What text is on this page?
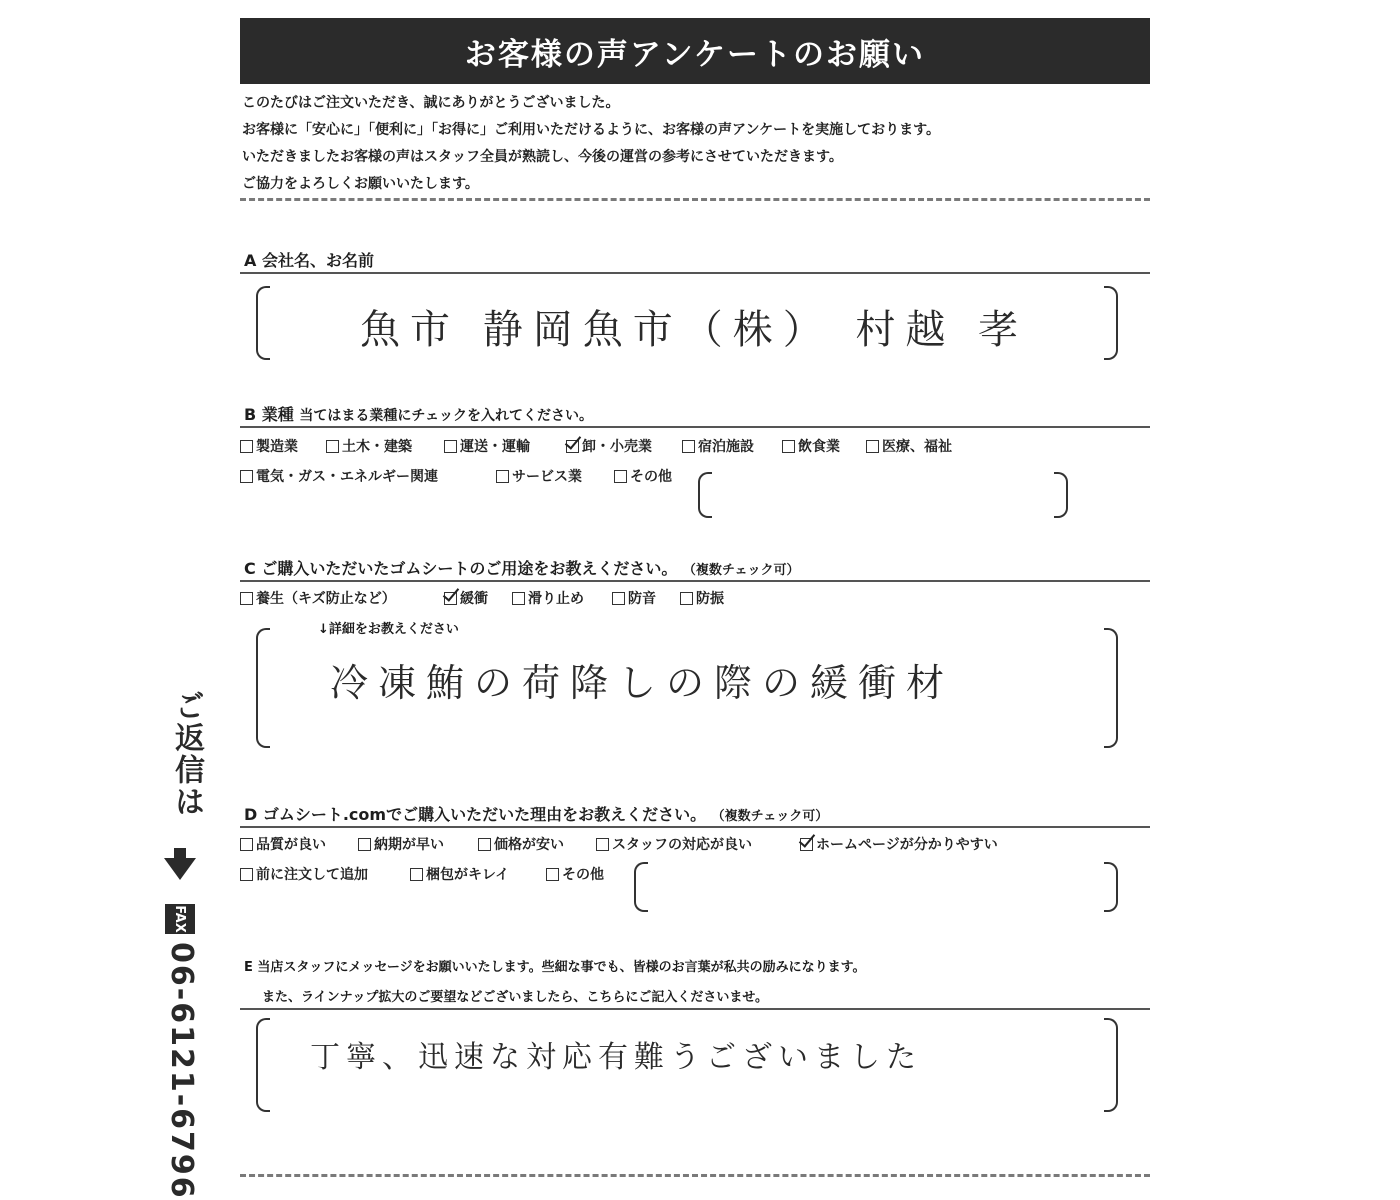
お客様の声アンケートのお願い
このたびはご注文いただき、誠にありがとうございました。
お客様に「安心に」「便利に」「お得に」ご利用いただけるように、お客様の声アンケートを実施しております。
いただきましたお客様の声はスタッフ全員が熟読し、今後の運営の参考にさせていただきます。
ご協力をよろしくお願いいたします。
A 会社名、お名前
魚市 静岡魚市（株） 村越 孝
B 業種 当てはまる業種にチェックを入れてください。
製造業	土木・建築	運送・運輸	卸・小売業	宿泊施設	飲食業	医療、福祉
電気・ガス・エネルギー関連	サービス業	その他
C ご購入いただいたゴムシートのご用途をお教えください。 （複数チェック可）
養生（キズ防止など）	緩衝	滑り止め	防音	防振
↓詳細をお教えください
冷凍鮪の荷降しの際の緩衝材
D ゴムシート.comでご購入いただいた理由をお教えください。 （複数チェック可）
品質が良い	納期が早い	価格が安い	スタッフの対応が良い	ホームページが分かりやすい
前に注文して追加	梱包がキレイ	その他
E 当店スタッフにメッセージをお願いいたします。些細な事でも、皆様のお言葉が私共の励みになります。
また、ラインナップ拡大のご要望などございましたら、こちらにご記入くださいませ。
丁寧、迅速な対応有難うございました
ご返信は
FAX
06-6121-6796
